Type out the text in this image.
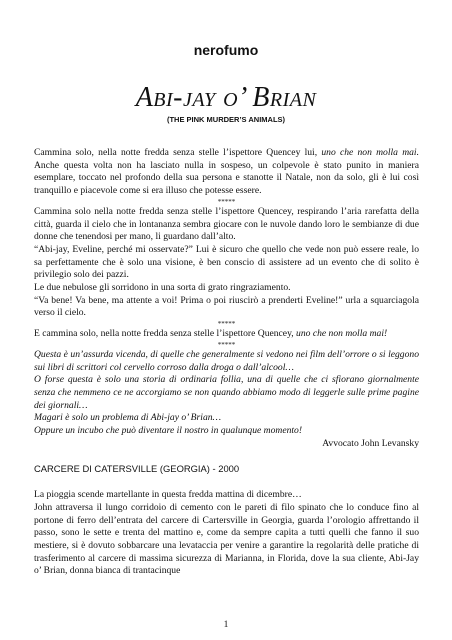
nerofumo
Abi-jay o’ Brian
(THE PINK MURDER’S ANIMALS)

Cammina solo, nella notte fredda senza stelle l’ispettore Quencey lui, uno che non molla mai. Anche questa volta non ha lasciato nulla in sospeso, un colpevole è stato punito in maniera esemplare, toccato nel profondo della sua persona e stanotte il Natale, non da solo, gli è lui così tranquillo e piacevole come si era illuso che potesse essere.

*****

Cammina solo nella notte fredda senza stelle l’ispettore Quencey, respirando l’aria rarefatta della città, guarda il cielo che in lontananza sembra giocare con le nuvole dando loro le sembianze di due donne che tenendosi per mano, li guardano dall’alto.

“Abi-jay, Eveline, perché mi osservate?” Lui è sicuro che quello che vede non può essere reale, lo sa perfettamente che è solo una visione, è ben conscio di assistere ad un evento che di solito è privilegio solo dei pazzi.

Le due nebulose gli sorridono in una sorta di grato ringraziamento.

“Va bene! Va bene, ma attente a voi! Prima o poi riuscirò a prenderti Eveline!” urla a squarciagola verso il cielo.

*****

E cammina solo, nella notte fredda senza stelle l’ispettore Quencey, uno che non molla mai!

*****

Questa è un’assurda vicenda, di quelle che generalmente si vedono nei film dell’orrore o si leggono sui libri di scrittori col cervello corroso dalla droga o dall’alcool…

O forse questa è solo una storia di ordinaria follia, una di quelle che ci sfiorano giornalmente senza che nemmeno ce ne accorgiamo se non quando abbiamo modo di leggerle sulle prime pagine dei giornali…

Magari è solo un problema di Abi-jay o’ Brian…

Oppure un incubo che può diventare il nostro in qualunque momento!

Avvocato John Levansky

CARCERE DI CATERSVILLE (GEORGIA) - 2000

La pioggia scende martellante in questa fredda mattina di dicembre…

John attraversa il lungo corridoio di cemento con le pareti di filo spinato che lo conduce fino al portone di ferro dell’entrata del carcere di Cartersville in Georgia, guarda l’orologio affrettando il passo, sono le sette e trenta del mattino e, come da sempre capita a tutti quelli che fanno il suo mestiere, si è dovuto sobbarcare una levataccia per venire a garantire la regolarità delle pratiche di trasferimento al carcere di massima sicurezza di Marianna, in Florida, dove la sua cliente, Abi-Jay o’ Brian, donna bianca di trantacinque

1
